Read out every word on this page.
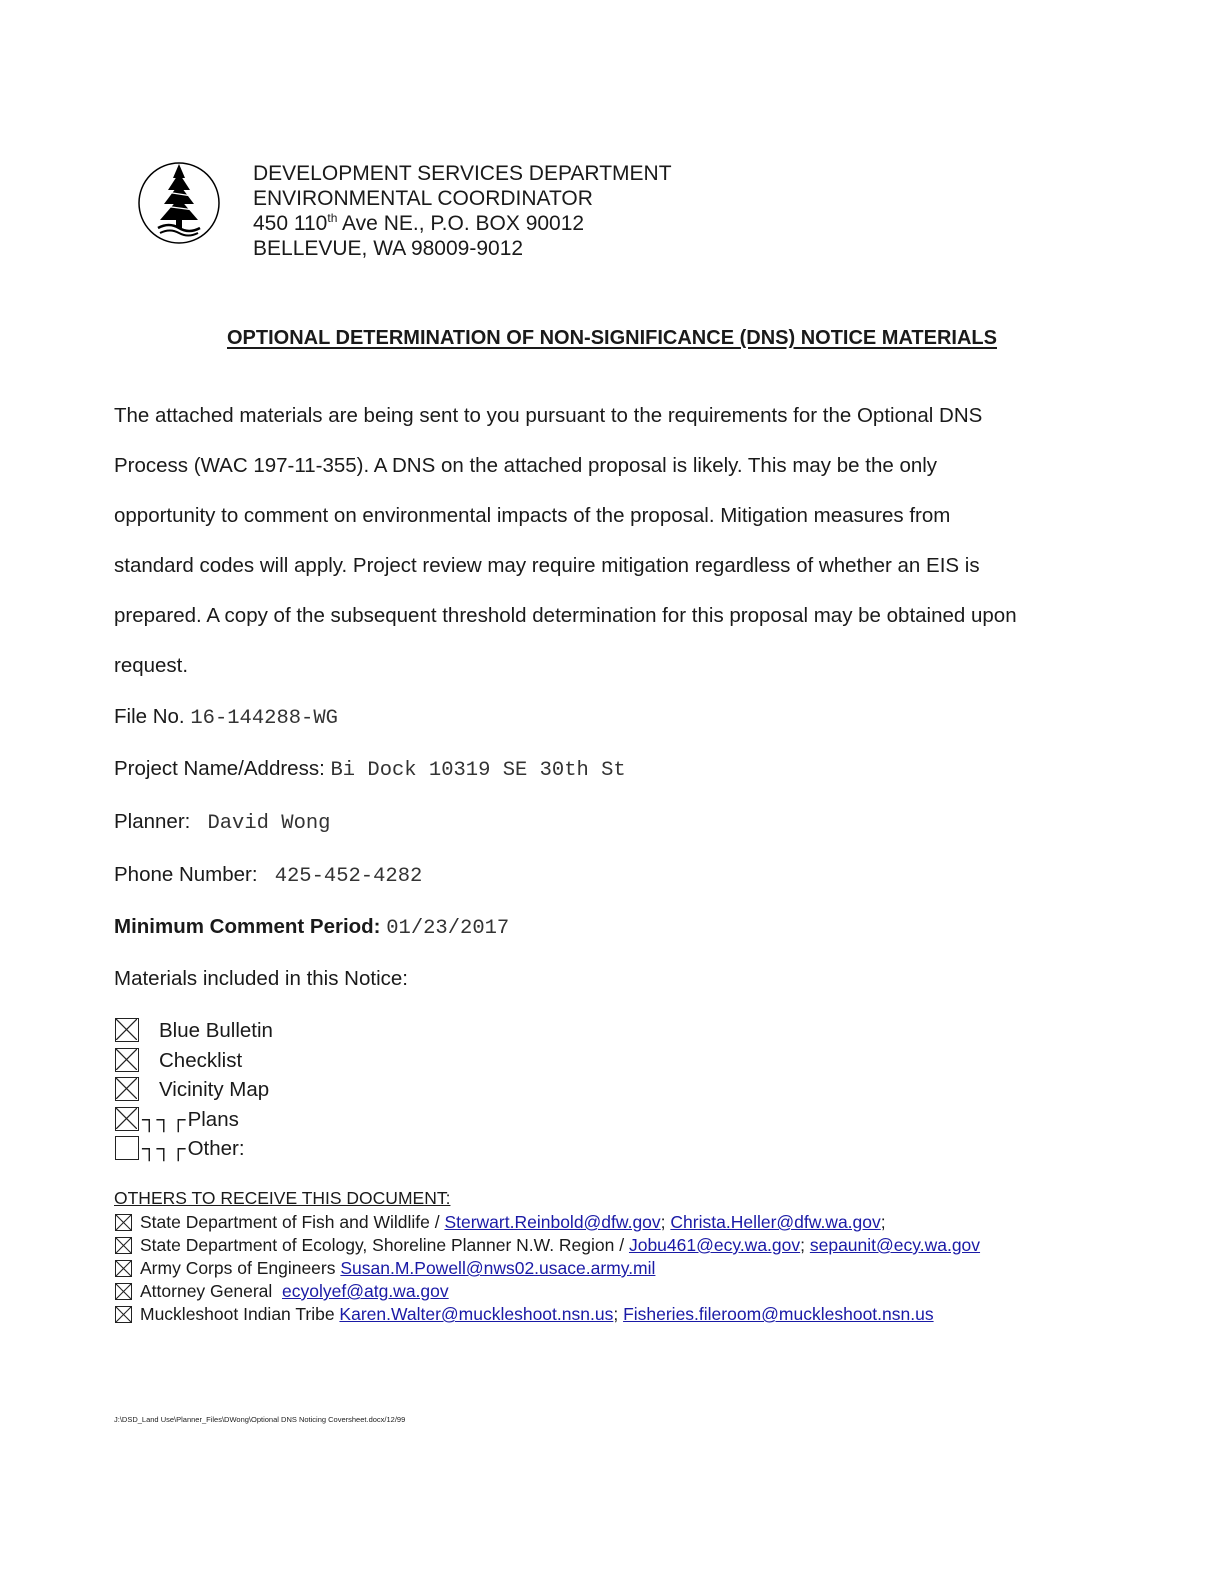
DEVELOPMENT SERVICES DEPARTMENT
ENVIRONMENTAL COORDINATOR
450 110th Ave NE., P.O. BOX 90012
BELLEVUE, WA 98009-9012
OPTIONAL DETERMINATION OF NON-SIGNIFICANCE (DNS) NOTICE MATERIALS
The attached materials are being sent to you pursuant to the requirements for the Optional DNS
Process (WAC 197-11-355). A DNS on the attached proposal is likely. This may be the only
opportunity to comment on environmental impacts of the proposal. Mitigation measures from
standard codes will apply. Project review may require mitigation regardless of whether an EIS is
prepared. A copy of the subsequent threshold determination for this proposal may be obtained upon
request.
File No. 16-144288-WG
Project Name/Address: Bi Dock 10319 SE 30th St
Planner: David Wong
Phone Number: 425-452-4282
Minimum Comment Period: 01/23/2017
Materials included in this Notice:
Blue Bulletin
Checklist
Vicinity Map
┐┐┌Plans
┐┐┌Other:
OTHERS TO RECEIVE THIS DOCUMENT:
State Department of Fish and Wildlife / Sterwart.Reinbold@dfw.gov; Christa.Heller@dfw.wa.gov;
State Department of Ecology, Shoreline Planner N.W. Region / Jobu461@ecy.wa.gov; sepaunit@ecy.wa.gov
Army Corps of Engineers Susan.M.Powell@nws02.usace.army.mil
Attorney General  ecyolyef@atg.wa.gov
Muckleshoot Indian Tribe Karen.Walter@muckleshoot.nsn.us; Fisheries.fileroom@muckleshoot.nsn.us
J:\DSD_Land Use\Planner_Files\DWong\Optional DNS Noticing Coversheet.docx/12/99
